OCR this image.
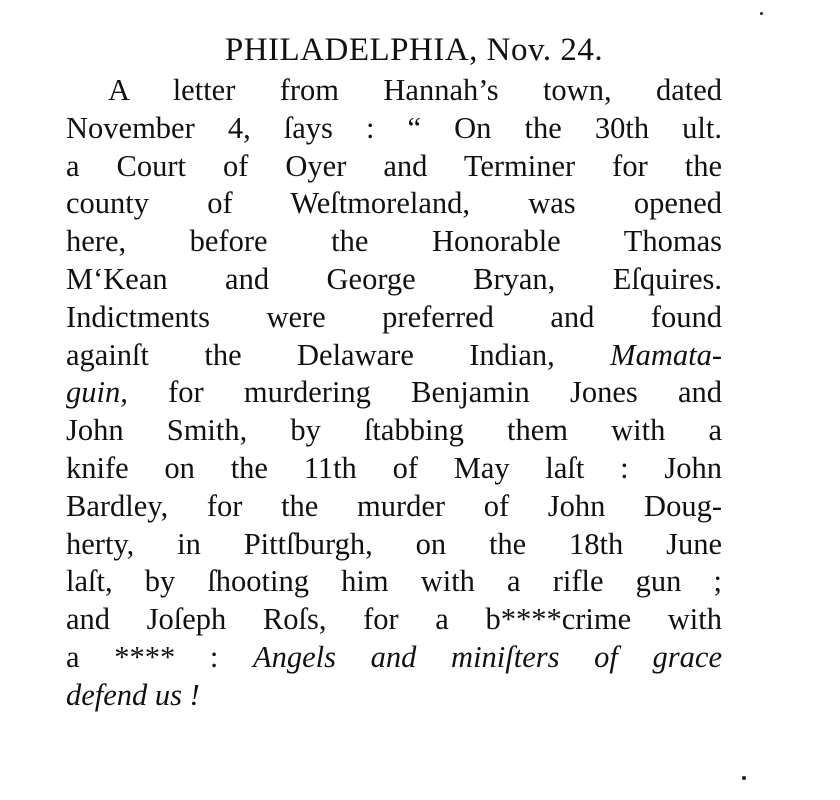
PHILADELPHIA, Nov. 24.
A letter from Hannah’s town, dated
November 4, ſays : “ On the 30th ult.
a Court of Oyer and Terminer for the
county of Weſtmoreland, was opened
here, before the Honorable Thomas
M‘Kean and George Bryan, Eſquires.
Indictments were preferred and found
againſt the Delaware Indian, Mamata-
guin, for murdering Benjamin Jones and
John Smith, by ſtabbing them with a
knife on the 11th of May laſt : John
Bardley, for the murder of John Doug-
herty, in Pittſburgh, on the 18th June
laſt, by ſhooting him with a rifle gun ;
and Joſeph Roſs, for a b****crime with
a **** : Angels and miniſters of grace
defend us !
